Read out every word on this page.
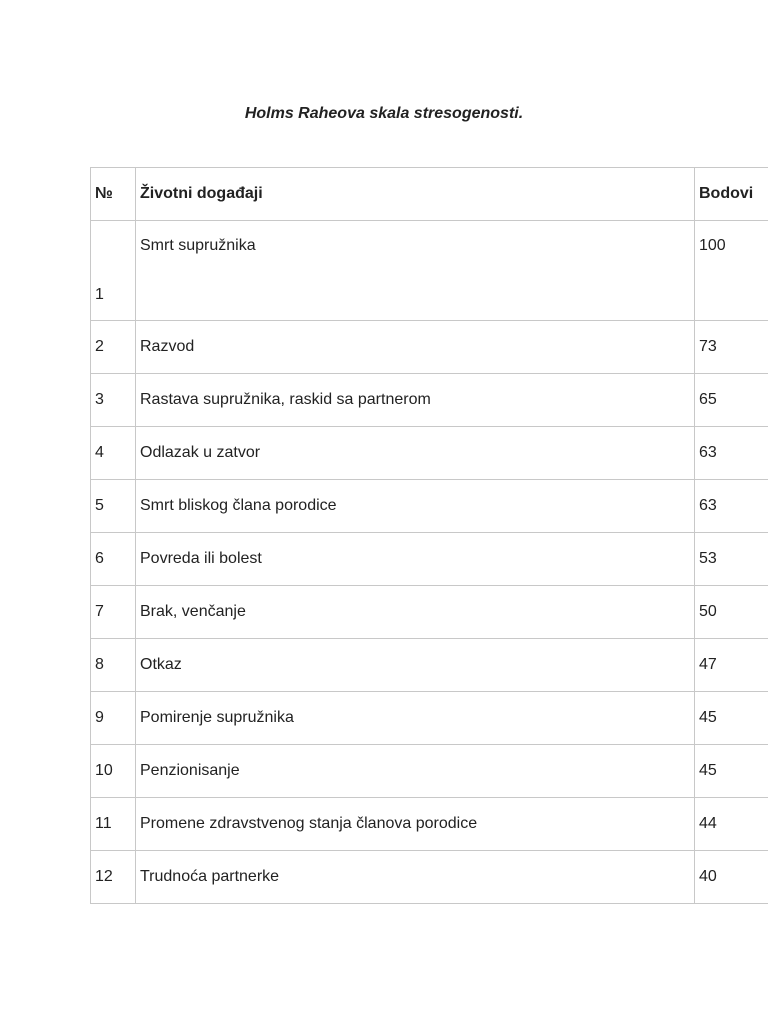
Holms Raheova skala stresogenosti.
№	Životni događaji	Bodovi
1	Smrt supružnika	100
2	Razvod	73
3	Rastava supružnika, raskid sa partnerom	65
4	Odlazak u zatvor	63
5	Smrt bliskog člana porodice	63
6	Povreda ili bolest	53
7	Brak, venčanje	50
8	Otkaz	47
9	Pomirenje supružnika	45
10	Penzionisanje	45
11	Promene zdravstvenog stanja članova porodice	44
12	Trudnoća partnerke	40
